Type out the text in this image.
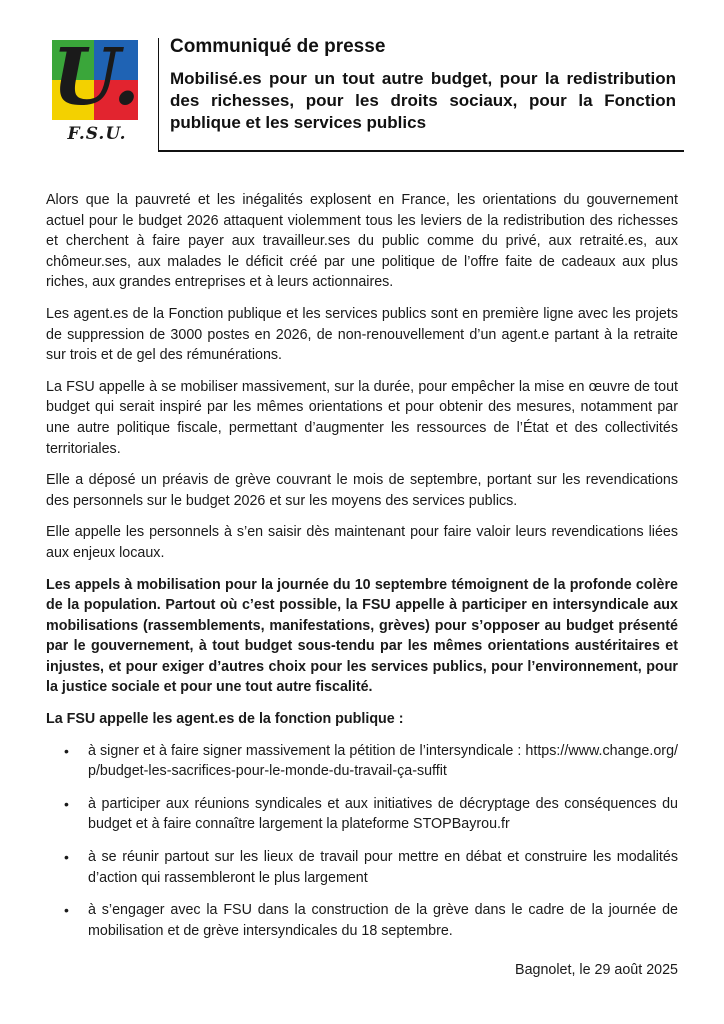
U.
F.S.U.
Communiqué de presse
Mobilisé.es pour un tout autre budget, pour la redistribution des richesses, pour les droits sociaux, pour la Fonction publique et les services publics

Alors que la pauvreté et les inégalités explosent en France, les orientations du gouvernement actuel pour le budget 2026 attaquent violemment tous les leviers de la redistribution des richesses et cherchent à faire payer aux travailleur.ses du public comme du privé, aux retraité.es, aux chômeur.ses, aux malades le déficit créé par une politique de l’offre faite de cadeaux aux plus riches, aux grandes entreprises et à leurs actionnaires.

Les agent.es de la Fonction publique et les services publics sont en première ligne avec les projets de suppression de 3000 postes en 2026, de non-renouvellement d’un agent.e partant à la retraite sur trois et de gel des rémunérations.

La FSU appelle à se mobiliser massivement, sur la durée, pour empêcher la mise en œuvre de tout budget qui serait inspiré par les mêmes orientations et pour obtenir des mesures, notamment par une autre politique fiscale, permettant d’augmenter les ressources de l’État et des collectivités territoriales.

Elle a déposé un préavis de grève couvrant le mois de septembre, portant sur les revendications des personnels sur le budget 2026 et sur les moyens des services publics.

Elle appelle les personnels à s’en saisir dès maintenant pour faire valoir leurs revendications liées aux enjeux locaux.

Les appels à mobilisation pour la journée du 10 septembre témoignent de la profonde colère de la population. Partout où c’est possible, la FSU appelle à participer en intersyndicale aux mobilisations (rassemblements, manifestations, grèves) pour s’opposer au budget présenté par le gouvernement, à tout budget sous-tendu par les mêmes orientations austéritaires et injustes, et pour exiger d’autres choix pour les services publics, pour l’environnement, pour la justice sociale et pour une tout autre fiscalité.

La FSU appelle les agent.es de la fonction publique :

• à signer et à faire signer massivement la pétition de l’intersyndicale : https://www.change.org/p/budget-les-sacrifices-pour-le-monde-du-travail-ça-suffit
• à participer aux réunions syndicales et aux initiatives de décryptage des conséquences du budget et à faire connaître largement la plateforme STOPBayrou.fr
• à se réunir partout sur les lieux de travail pour mettre en débat et construire les modalités d’action qui rassembleront le plus largement
• à s’engager avec la FSU dans la construction de la grève dans le cadre de la journée de mobilisation et de grève intersyndicales du 18 septembre.
Bagnolet, le 29 août 2025
